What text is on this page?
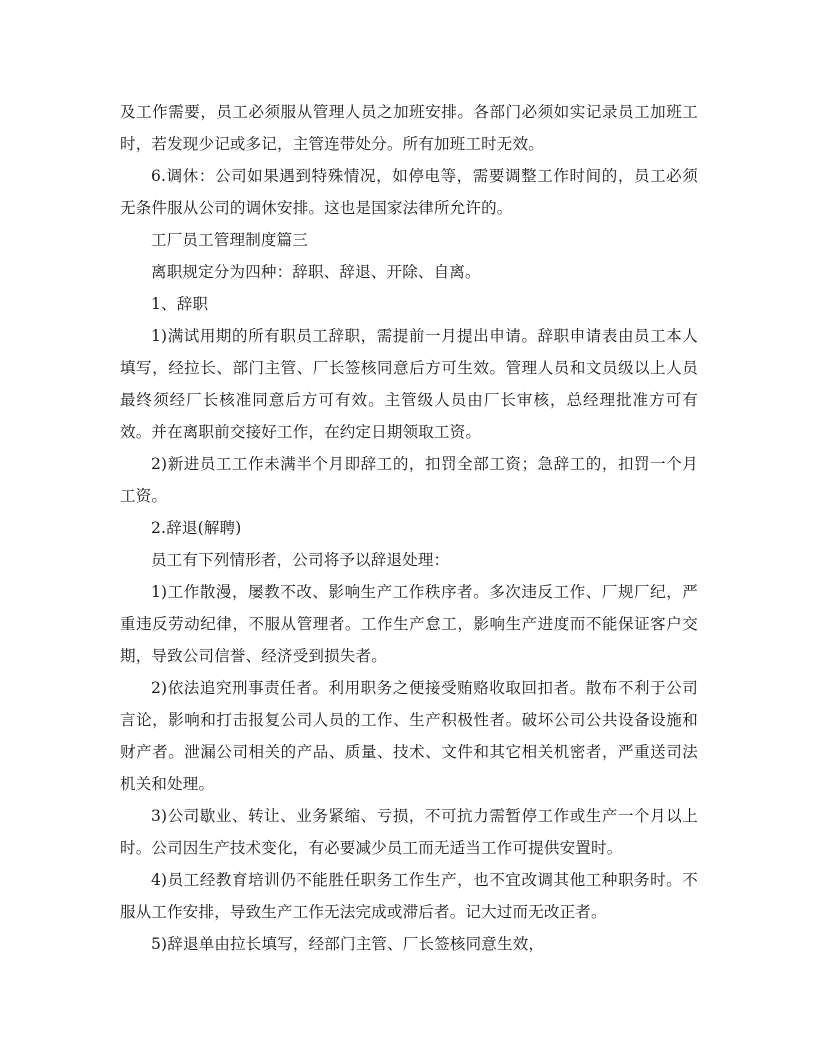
及工作需要，员工必须服从管理人员之加班安排。各部门必须如实记录员工加班工时，若发现少记或多记，主管连带处分。所有加班工时无效。

6.调休：公司如果遇到特殊情况，如停电等，需要调整工作时间的，员工必须无条件服从公司的调休安排。这也是国家法律所允许的。

工厂员工管理制度篇三

离职规定分为四种：辞职、辞退、开除、自离。

1、辞职

1)满试用期的所有职员工辞职，需提前一月提出申请。辞职申请表由员工本人填写，经拉长、部门主管、厂长签核同意后方可生效。管理人员和文员级以上人员最终须经厂长核准同意后方可有效。主管级人员由厂长审核，总经理批准方可有效。并在离职前交接好工作，在约定日期领取工资。

2)新进员工工作未满半个月即辞工的，扣罚全部工资；急辞工的，扣罚一个月工资。

2.辞退(解聘)

员工有下列情形者，公司将予以辞退处理：

1)工作散漫，屡教不改、影响生产工作秩序者。多次违反工作、厂规厂纪，严重违反劳动纪律，不服从管理者。工作生产怠工，影响生产进度而不能保证客户交期，导致公司信誉、经济受到损失者。

2)依法追究刑事责任者。利用职务之便接受贿赂收取回扣者。散布不利于公司言论，影响和打击报复公司人员的工作、生产积极性者。破坏公司公共设备设施和财产者。泄漏公司相关的产品、质量、技术、文件和其它相关机密者，严重送司法机关和处理。

3)公司歇业、转让、业务紧缩、亏损，不可抗力需暂停工作或生产一个月以上时。公司因生产技术变化，有必要减少员工而无适当工作可提供安置时。

4)员工经教育培训仍不能胜任职务工作生产，也不宜改调其他工种职务时。不服从工作安排，导致生产工作无法完成或滞后者。记大过而无改正者。

5)辞退单由拉长填写，经部门主管、厂长签核同意生效，
